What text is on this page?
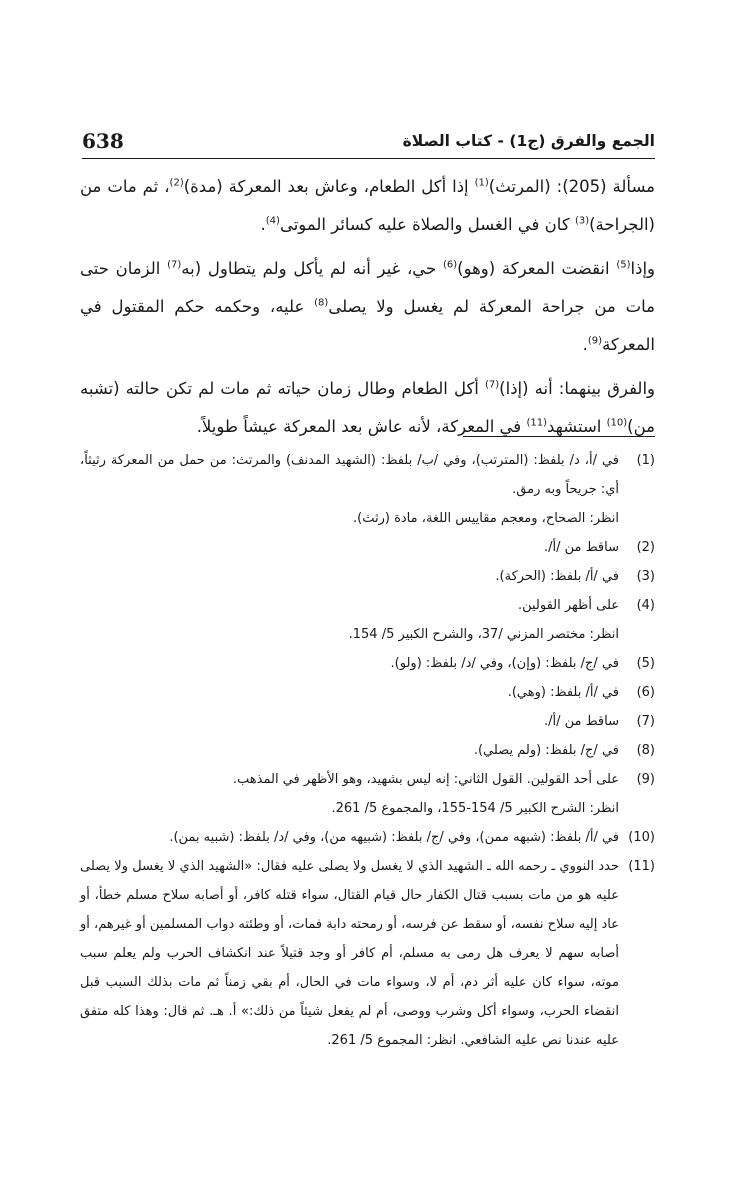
638	الجمع والفرق (ج1) - كتاب الصلاة

مسألة (205): (المرتث)$^{(1)}$ إذا أكل الطعام، وعاش بعد المعركة (مدة)$^{(2)}$، ثم مات من (الجراحة)$^{(3)}$ كان في الغسل والصلاة عليه كسائر الموتى$^{(4)}$.

وإذا$^{(5)}$ انقضت المعركة (وهو)$^{(6)}$ حي، غير أنه لم يأكل ولم يتطاول (به$^{(7)}$ الزمان حتى مات من جراحة المعركة لم يغسل ولا يصلى$^{(8)}$ عليه، وحكمه حكم المقتول في المعركة$^{(9)}$.

والفرق بينهما: أنه (إذا)$^{(7)}$ أكل الطعام وطال زمان حياته ثم مات لم تكن حالته (تشبه من)$^{(10)}$ استشهد$^{(11)}$ في المعركة، لأنه عاش بعد المعركة عيشاً طويلاً.

(1)
في /أ، د/ بلفظ: (المترتب)، وفي /ب/ بلفظ: (الشهيد المدنف) والمرتث: من حمل من المعركة رثيثاً، أي: جريحاً وبه رمق.
انظر: الصحاح، ومعجم مقاييس اللغة، مادة (رثث).
(2)
ساقط من /أ/.
(3)
في /أ/ بلفظ: (الحركة).
(4)
على أظهر القولين.
انظر: مختصر المزني /37، والشرح الكبير 5/ 154.
(5)
في /ج/ بلفظ: (وإن)، وفي /د/ بلفظ: (ولو).
(6)
في /أ/ بلفظ: (وهي).
(7)
ساقط من /أ/.
(8)
في /ج/ بلفظ: (ولم يصلي).
(9)
على أحد القولين. القول الثاني: إنه ليس بشهيد، وهو الأظهر في المذهب.
انظر: الشرح الكبير 5/ 154-155، والمجموع 5/ 261.
(10)
في /أ/ بلفظ: (شبهه ممن)، وفي /ج/ بلفظ: (شبيهه من)، وفي /د/ بلفظ: (شبيه بمن).
(11)
حدد النووي ـ رحمه الله ـ الشهيد الذي لا يغسل ولا يصلى عليه فقال: «الشهيد الذي لا يغسل ولا يصلى عليه هو من مات بسبب قتال الكفار حال قيام القتال، سواء قتله كافر، أو أصابه سلاح مسلم خطأ، أو عاد إليه سلاح نفسه، أو سقط عن فرسه، أو رمحته دابة فمات، أو وطئته دواب المسلمين أو غيرهم، أو أصابه سهم لا يعرف هل رمى به مسلم، أم كافر أو وجد قتيلاً عند انكشاف الحرب ولم يعلم سبب موته، سواء كان عليه أثر دم، أم لا، وسواء مات في الحال، أم بقي زمناً ثم مات بذلك السبب قبل انقضاء الحرب، وسواء أكل وشرب ووصى، أم لم يفعل شيئاً من ذلك:» أ. هـ. ثم قال: وهذا كله متفق عليه عندنا نص عليه الشافعي. انظر: المجموع 5/ 261.
